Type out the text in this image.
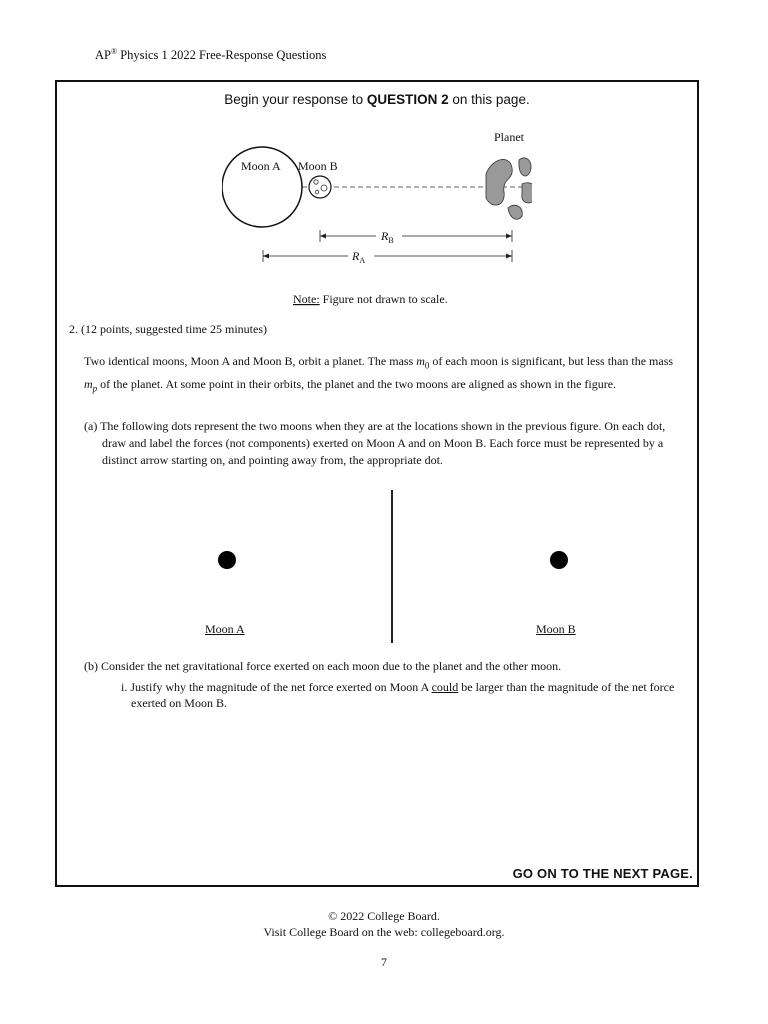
AP® Physics 1 2022 Free-Response Questions
Begin your response to QUESTION 2 on this page.
Planet
Moon A Moon B
$R_B$
$R_A$
Note: Figure not drawn to scale.
2. (12 points, suggested time 25 minutes)
Two identical moons, Moon A and Moon B, orbit a planet. The mass $m_0$ of each moon is significant, but less than the mass $m_p$ of the planet. At some point in their orbits, the planet and the two moons are aligned as shown in the figure.
(a) The following dots represent the two moons when they are at the locations shown in the previous figure. On each dot, draw and label the forces (not components) exerted on Moon A and on Moon B. Each force must be represented by a distinct arrow starting on, and pointing away from, the appropriate dot.
Moon A	Moon B
(b) Consider the net gravitational force exerted on each moon due to the planet and the other moon.
i. Justify why the magnitude of the net force exerted on Moon A could be larger than the magnitude of the net force exerted on Moon B.
GO ON TO THE NEXT PAGE.
© 2022 College Board.
Visit College Board on the web: collegeboard.org.
7
